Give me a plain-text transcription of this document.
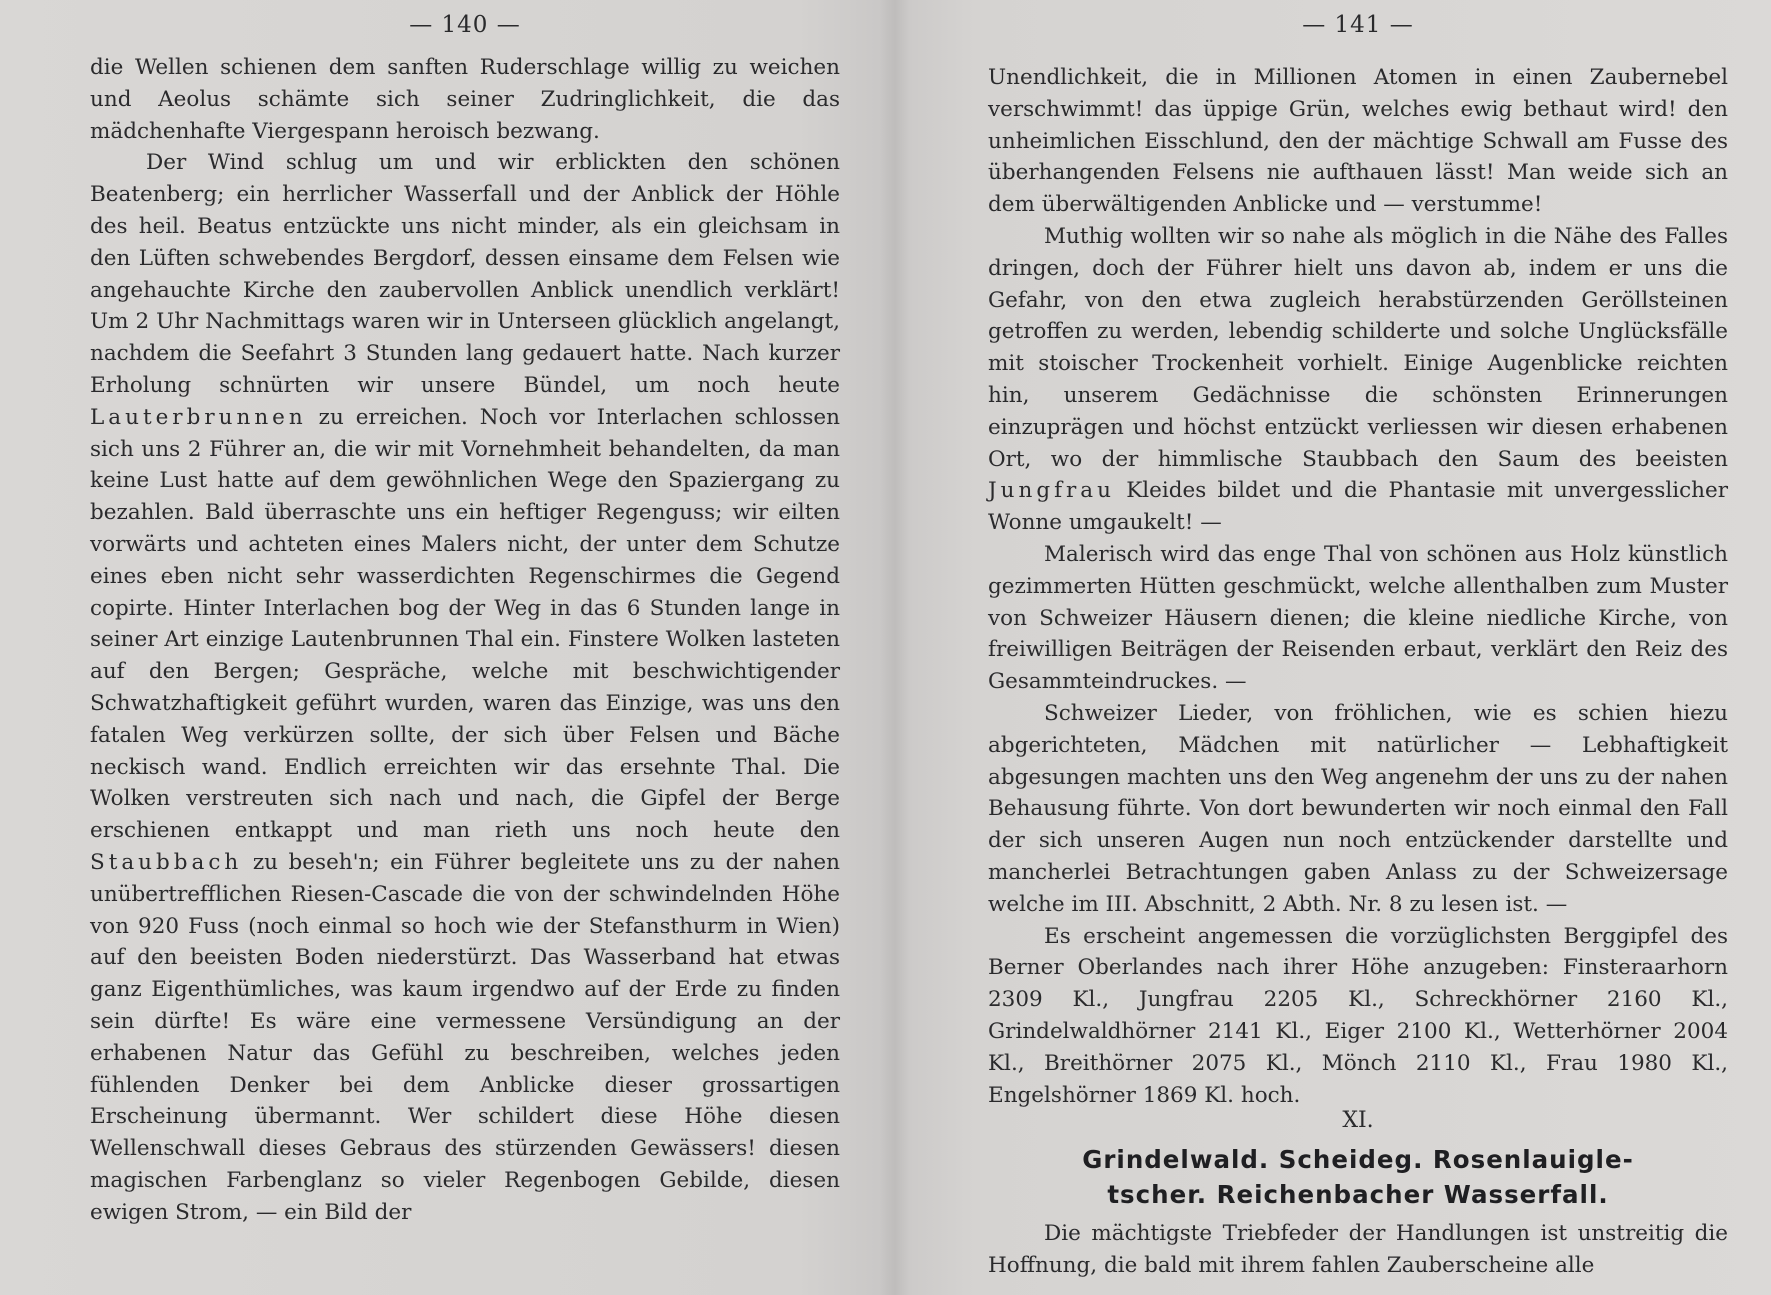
— 140 —

die Wellen schienen dem sanften Ruderschlage willig zu weichen und Aeolus schämte sich seiner Zudringlichkeit, die das mädchenhafte Viergespann heroisch bezwang.

Der Wind schlug um und wir erblickten den schönen Beatenberg; ein herrlicher Wasserfall und der Anblick der Höhle des heil. Beatus entzückte uns nicht minder, als ein gleichsam in den Lüften schwebendes Bergdorf, dessen einsame dem Felsen wie angehauchte Kirche den zaubervollen Anblick unendlich verklärt! Um 2 Uhr Nachmittags waren wir in Unterseen glücklich angelangt, nachdem die Seefahrt 3 Stunden lang gedauert hatte. Nach kurzer Erholung schnürten wir unsere Bündel, um noch heute Lauterbrunnen zu erreichen. Noch vor Interlachen schlossen sich uns 2 Führer an, die wir mit Vornehmheit behandelten, da man keine Lust hatte auf dem gewöhnlichen Wege den Spaziergang zu bezahlen. Bald überraschte uns ein heftiger Regenguss; wir eilten vorwärts und achteten eines Malers nicht, der unter dem Schutze eines eben nicht sehr wasserdichten Regenschirmes die Gegend copirte. Hinter Interlachen bog der Weg in das 6 Stunden lange in seiner Art einzige Lautenbrunnen Thal ein. Finstere Wolken lasteten auf den Bergen; Gespräche, welche mit beschwichtigender Schwatzhaftigkeit geführt wurden, waren das Einzige, was uns den fatalen Weg verkürzen sollte, der sich über Felsen und Bäche neckisch wand. Endlich erreichten wir das ersehnte Thal. Die Wolken verstreuten sich nach und nach, die Gipfel der Berge erschienen entkappt und man rieth uns noch heute den Staubbach zu beseh'n; ein Führer begleitete uns zu der nahen unübertrefflichen Riesen-Cascade die von der schwindelnden Höhe von 920 Fuss (noch einmal so hoch wie der Stefansthurm in Wien) auf den beeisten Boden niederstürzt. Das Wasserband hat etwas ganz Eigenthümliches, was kaum irgendwo auf der Erde zu finden sein dürfte! Es wäre eine vermessene Versündigung an der erhabenen Natur das Gefühl zu beschreiben, welches jeden fühlenden Denker bei dem Anblicke dieser grossartigen Erscheinung übermannt. Wer schildert diese Höhe diesen Wellenschwall dieses Gebraus des stürzenden Gewässers! diesen magischen Farbenglanz so vieler Regenbogen Gebilde, diesen ewigen Strom, — ein Bild der

— 141 —

Unendlichkeit, die in Millionen Atomen in einen Zaubernebel verschwimmt! das üppige Grün, welches ewig bethaut wird! den unheimlichen Eisschlund, den der mächtige Schwall am Fusse des überhangenden Felsens nie aufthauen lässt! Man weide sich an dem überwältigenden Anblicke und — verstumme!

Muthig wollten wir so nahe als möglich in die Nähe des Falles dringen, doch der Führer hielt uns davon ab, indem er uns die Gefahr, von den etwa zugleich herabstürzenden Geröllsteinen getroffen zu werden, lebendig schilderte und solche Unglücksfälle mit stoischer Trockenheit vorhielt. Einige Augenblicke reichten hin, unserem Gedächnisse die schönsten Erinnerungen einzuprägen und höchst entzückt verliessen wir diesen erhabenen Ort, wo der himmlische Staubbach den Saum des beeisten Jungfrau Kleides bildet und die Phantasie mit unvergesslicher Wonne umgaukelt! —

Malerisch wird das enge Thal von schönen aus Holz künstlich gezimmerten Hütten geschmückt, welche allenthalben zum Muster von Schweizer Häusern dienen; die kleine niedliche Kirche, von freiwilligen Beiträgen der Reisenden erbaut, verklärt den Reiz des Gesammteindruckes. —

Schweizer Lieder, von fröhlichen, wie es schien hiezu abgerichteten, Mädchen mit natürlicher — Lebhaftigkeit abgesungen machten uns den Weg angenehm der uns zu der nahen Behausung führte. Von dort bewunderten wir noch einmal den Fall der sich unseren Augen nun noch entzückender darstellte und mancherlei Betrachtungen gaben Anlass zu der Schweizersage welche im III. Abschnitt, 2 Abth. Nr. 8 zu lesen ist. —

Es erscheint angemessen die vorzüglichsten Berggipfel des Berner Oberlandes nach ihrer Höhe anzugeben: Finsteraarhorn 2309 Kl., Jungfrau 2205 Kl., Schreckhörner 2160 Kl., Grindelwaldhörner 2141 Kl., Eiger 2100 Kl., Wetterhörner 2004 Kl., Breithörner 2075 Kl., Mönch 2110 Kl., Frau 1980 Kl., Engelshörner 1869 Kl. hoch.

XI.
Grindelwald. Scheideg. Rosenlauigle-
tscher. Reichenbacher Wasserfall.

Die mächtigste Triebfeder der Handlungen ist unstreitig die Hoffnung, die bald mit ihrem fahlen Zauberscheine alle
